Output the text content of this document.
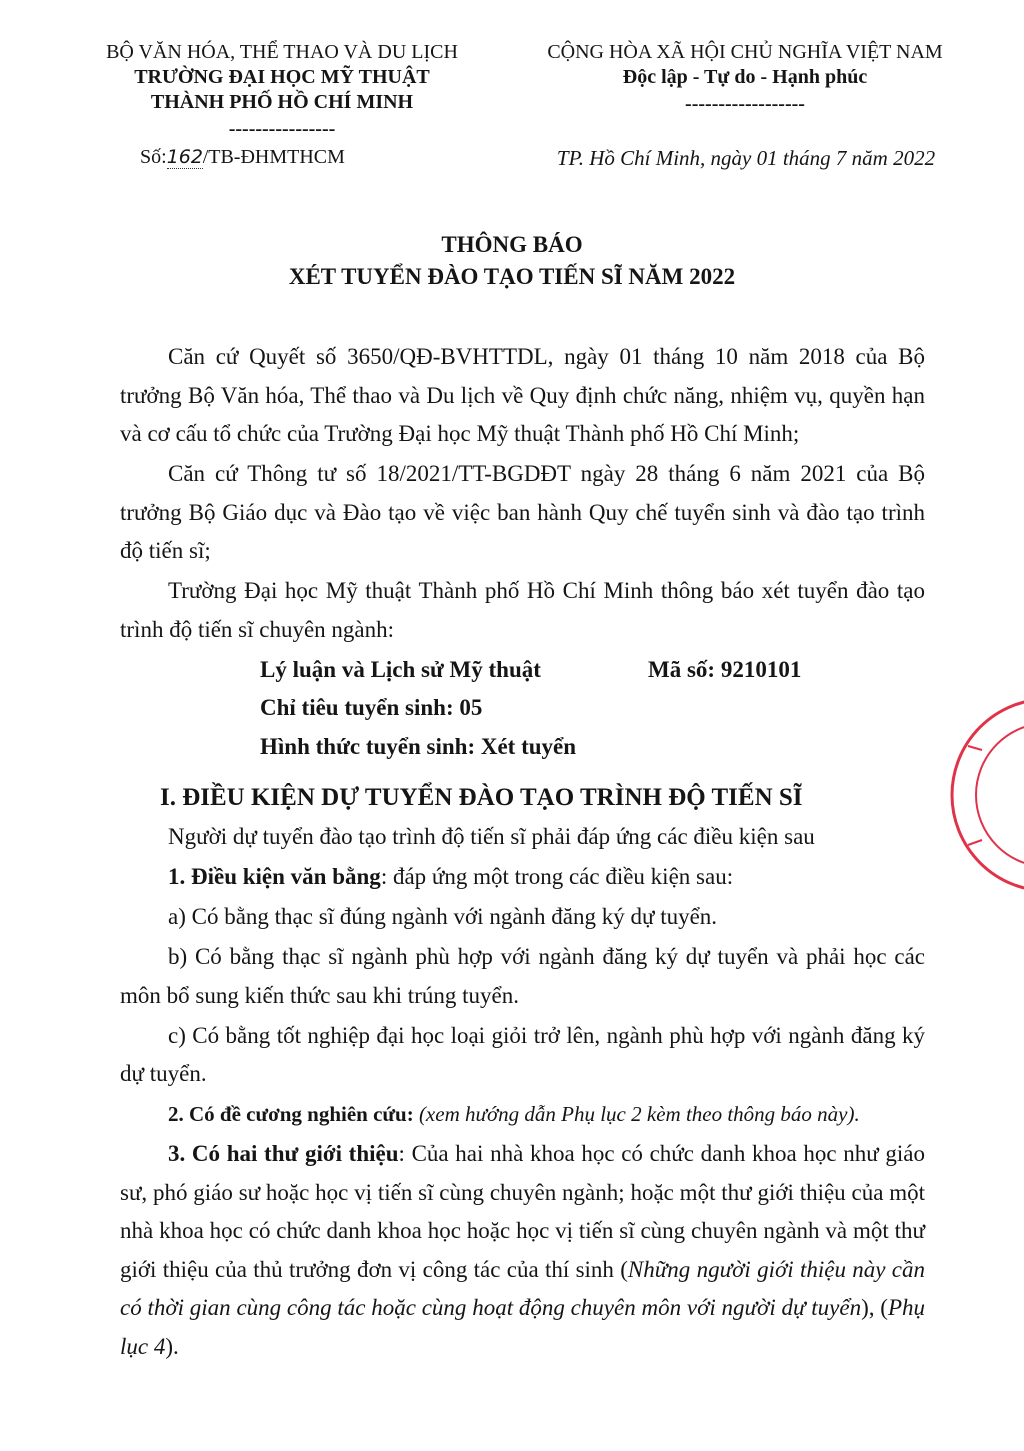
BỘ VĂN HÓA, THỂ THAO VÀ DU LỊCH
TRƯỜNG ĐẠI HỌC MỸ THUẬT
THÀNH PHỐ HỒ CHÍ MINH
----------------
Số:162/TB-ĐHMTHCM
CỘNG HÒA XÃ HỘI CHỦ NGHĨA VIỆT NAM
Độc lập - Tự do - Hạnh phúc
------------------
TP. Hồ Chí Minh, ngày 01 tháng 7 năm 2022
THÔNG BÁO
XÉT TUYỂN ĐÀO TẠO TIẾN SĨ NĂM 2022

Căn cứ Quyết số 3650/QĐ-BVHTTDL, ngày 01 tháng 10 năm 2018 của Bộ trưởng Bộ Văn hóa, Thể thao và Du lịch về Quy định chức năng, nhiệm vụ, quyền hạn và cơ cấu tổ chức của Trường Đại học Mỹ thuật Thành phố Hồ Chí Minh;

Căn cứ Thông tư số 18/2021/TT-BGDĐT ngày 28 tháng 6 năm 2021 của Bộ trưởng Bộ Giáo dục và Đào tạo về việc ban hành Quy chế tuyển sinh và đào tạo trình độ tiến sĩ;

Trường Đại học Mỹ thuật Thành phố Hồ Chí Minh thông báo xét tuyển đào tạo trình độ tiến sĩ chuyên ngành:

Lý luận và Lịch sử Mỹ thuật	Mã số: 9210101
Chỉ tiêu tuyển sinh: 05
Hình thức tuyển sinh: Xét tuyển
I. ĐIỀU KIỆN DỰ TUYỂN ĐÀO TẠO TRÌNH ĐỘ TIẾN SĨ

Người dự tuyển đào tạo trình độ tiến sĩ phải đáp ứng các điều kiện sau

1. Điều kiện văn bằng: đáp ứng một trong các điều kiện sau:

a) Có bằng thạc sĩ đúng ngành với ngành đăng ký dự tuyển.

b) Có bằng thạc sĩ ngành phù hợp với ngành đăng ký dự tuyển và phải học các môn bổ sung kiến thức sau khi trúng tuyển.

c) Có bằng tốt nghiệp đại học loại giỏi trở lên, ngành phù hợp với ngành đăng ký dự tuyển.

2. Có đề cương nghiên cứu: (xem hướng dẫn Phụ lục 2 kèm theo thông báo này).

3. Có hai thư giới thiệu: Của hai nhà khoa học có chức danh khoa học như giáo sư, phó giáo sư hoặc học vị tiến sĩ cùng chuyên ngành; hoặc một thư giới thiệu của một nhà khoa học có chức danh khoa học hoặc học vị tiến sĩ cùng chuyên ngành và một thư giới thiệu của thủ trưởng đơn vị công tác của thí sinh (Những người giới thiệu này cần có thời gian cùng công tác hoặc cùng hoạt động chuyên môn với người dự tuyển), (Phụ lục 4).
